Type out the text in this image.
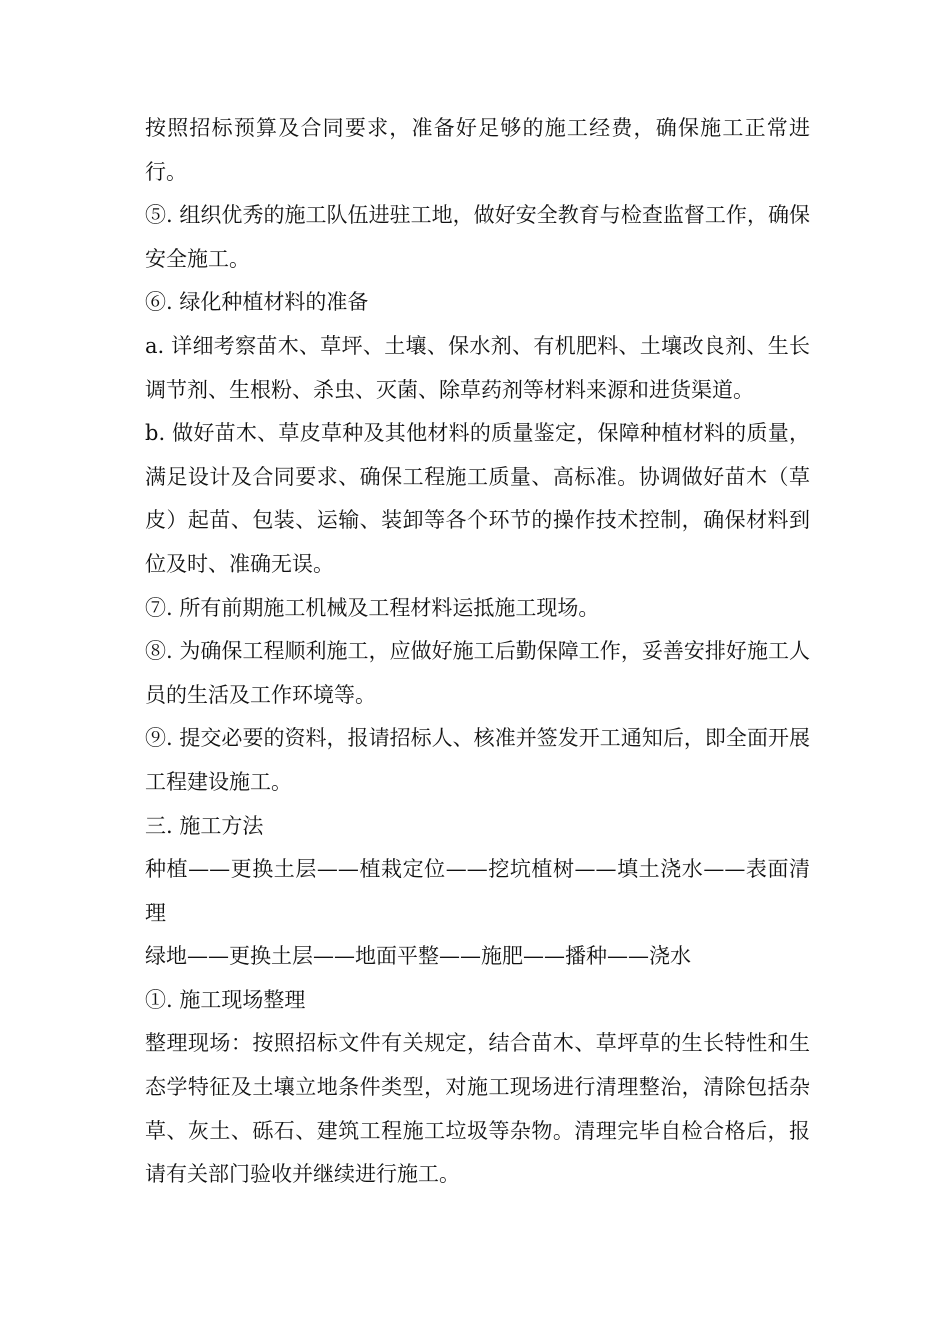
按照招标预算及合同要求，准备好足够的施工经费，确保施工正常进行。

⑤. 组织优秀的施工队伍进驻工地，做好安全教育与检查监督工作，确保安全施工。

⑥. 绿化种植材料的准备

a. 详细考察苗木、草坪、土壤、保水剂、有机肥料、土壤改良剂、生长调节剂、生根粉、杀虫、灭菌、除草药剂等材料来源和进货渠道。

b. 做好苗木、草皮草种及其他材料的质量鉴定，保障种植材料的质量，满足设计及合同要求、确保工程施工质量、高标准。协调做好苗木（草皮）起苗、包装、运输、装卸等各个环节的操作技术控制，确保材料到位及时、准确无误。

⑦. 所有前期施工机械及工程材料运抵施工现场。

⑧. 为确保工程顺利施工，应做好施工后勤保障工作，妥善安排好施工人员的生活及工作环境等。

⑨. 提交必要的资料，报请招标人、核准并签发开工通知后，即全面开展工程建设施工。

三. 施工方法

种植——更换土层——植栽定位——挖坑植树——填土浇水——表面清理

绿地——更换土层——地面平整——施肥——播种——浇水

①. 施工现场整理

整理现场：按照招标文件有关规定，结合苗木、草坪草的生长特性和生态学特征及土壤立地条件类型，对施工现场进行清理整治，清除包括杂草、灰土、砾石、建筑工程施工垃圾等杂物。清理完毕自检合格后，报请有关部门验收并继续进行施工。
